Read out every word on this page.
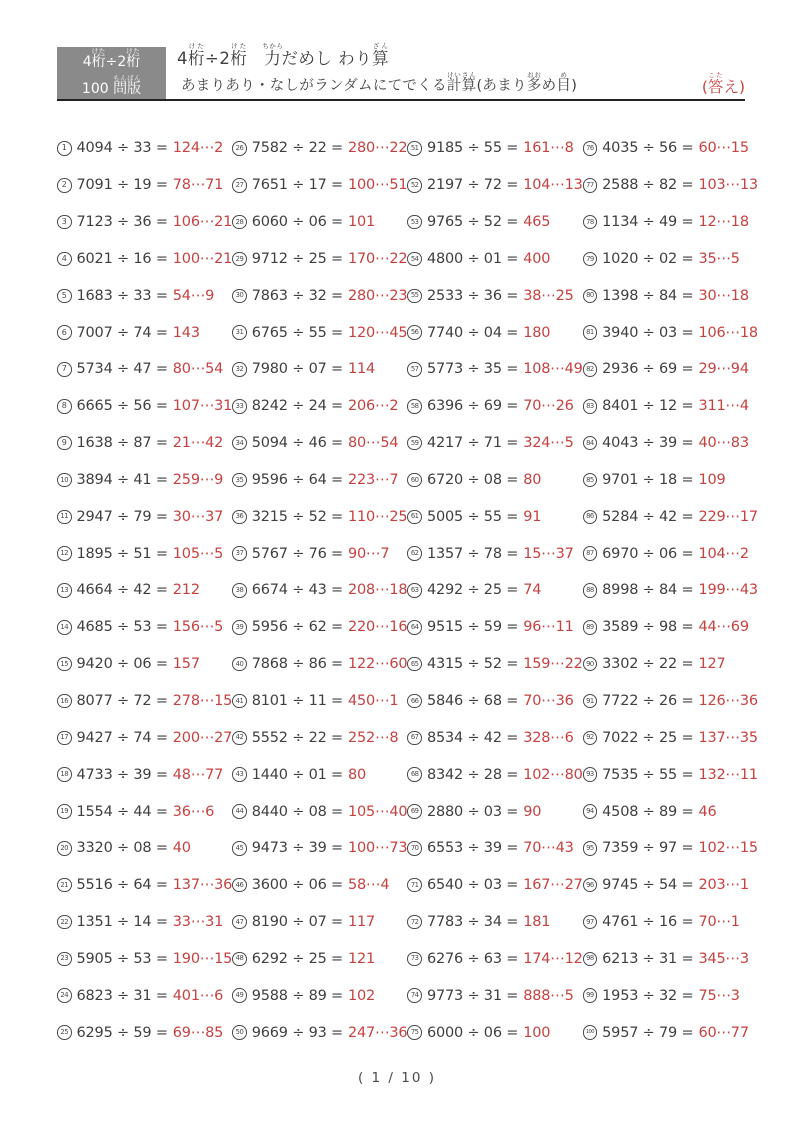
4桁けた÷2桁けた
100 問もん版ばん
4桁けた÷2桁けた　力ちからだめし わり算ざん
あまりあり・なしがランダムにてでくる計算けいさん(あまり多おおめ目め)	(答こたえ)
1 4094 ÷ 33 = 124⋯2
2 7091 ÷ 19 = 78⋯71
3 7123 ÷ 36 = 106⋯21
4 6021 ÷ 16 = 100⋯21
5 1683 ÷ 33 = 54⋯9
6 7007 ÷ 74 = 143
7 5734 ÷ 47 = 80⋯54
8 6665 ÷ 56 = 107⋯31
9 1638 ÷ 87 = 21⋯42
10 3894 ÷ 41 = 259⋯9
11 2947 ÷ 79 = 30⋯37
12 1895 ÷ 51 = 105⋯5
13 4664 ÷ 42 = 212
14 4685 ÷ 53 = 156⋯5
15 9420 ÷ 06 = 157
16 8077 ÷ 72 = 278⋯15
17 9427 ÷ 74 = 200⋯27
18 4733 ÷ 39 = 48⋯77
19 1554 ÷ 44 = 36⋯6
20 3320 ÷ 08 = 40
21 5516 ÷ 64 = 137⋯36
22 1351 ÷ 14 = 33⋯31
23 5905 ÷ 53 = 190⋯15
24 6823 ÷ 31 = 401⋯6
25 6295 ÷ 59 = 69⋯85
26 7582 ÷ 22 = 280⋯22
27 7651 ÷ 17 = 100⋯51
28 6060 ÷ 06 = 101
29 9712 ÷ 25 = 170⋯22
30 7863 ÷ 32 = 280⋯23
31 6765 ÷ 55 = 120⋯45
32 7980 ÷ 07 = 114
33 8242 ÷ 24 = 206⋯2
34 5094 ÷ 46 = 80⋯54
35 9596 ÷ 64 = 223⋯7
36 3215 ÷ 52 = 110⋯25
37 5767 ÷ 76 = 90⋯7
38 6674 ÷ 43 = 208⋯18
39 5956 ÷ 62 = 220⋯16
40 7868 ÷ 86 = 122⋯60
41 8101 ÷ 11 = 450⋯1
42 5552 ÷ 22 = 252⋯8
43 1440 ÷ 01 = 80
44 8440 ÷ 08 = 105⋯40
45 9473 ÷ 39 = 100⋯73
46 3600 ÷ 06 = 58⋯4
47 8190 ÷ 07 = 117
48 6292 ÷ 25 = 121
49 9588 ÷ 89 = 102
50 9669 ÷ 93 = 247⋯36
51 9185 ÷ 55 = 161⋯8
52 2197 ÷ 72 = 104⋯13
53 9765 ÷ 52 = 465
54 4800 ÷ 01 = 400
55 2533 ÷ 36 = 38⋯25
56 7740 ÷ 04 = 180
57 5773 ÷ 35 = 108⋯49
58 6396 ÷ 69 = 70⋯26
59 4217 ÷ 71 = 324⋯5
60 6720 ÷ 08 = 80
61 5005 ÷ 55 = 91
62 1357 ÷ 78 = 15⋯37
63 4292 ÷ 25 = 74
64 9515 ÷ 59 = 96⋯11
65 4315 ÷ 52 = 159⋯22
66 5846 ÷ 68 = 70⋯36
67 8534 ÷ 42 = 328⋯6
68 8342 ÷ 28 = 102⋯80
69 2880 ÷ 03 = 90
70 6553 ÷ 39 = 70⋯43
71 6540 ÷ 03 = 167⋯27
72 7783 ÷ 34 = 181
73 6276 ÷ 63 = 174⋯12
74 9773 ÷ 31 = 888⋯5
75 6000 ÷ 06 = 100
76 4035 ÷ 56 = 60⋯15
77 2588 ÷ 82 = 103⋯13
78 1134 ÷ 49 = 12⋯18
79 1020 ÷ 02 = 35⋯5
80 1398 ÷ 84 = 30⋯18
81 3940 ÷ 03 = 106⋯18
82 2936 ÷ 69 = 29⋯94
83 8401 ÷ 12 = 311⋯4
84 4043 ÷ 39 = 40⋯83
85 9701 ÷ 18 = 109
86 5284 ÷ 42 = 229⋯17
87 6970 ÷ 06 = 104⋯2
88 8998 ÷ 84 = 199⋯43
89 3589 ÷ 98 = 44⋯69
90 3302 ÷ 22 = 127
91 7722 ÷ 26 = 126⋯36
92 7022 ÷ 25 = 137⋯35
93 7535 ÷ 55 = 132⋯11
94 4508 ÷ 89 = 46
95 7359 ÷ 97 = 102⋯15
96 9745 ÷ 54 = 203⋯1
97 4761 ÷ 16 = 70⋯1
98 6213 ÷ 31 = 345⋯3
99 1953 ÷ 32 = 75⋯3
100 5957 ÷ 79 = 60⋯77
( 1 / 10 )
